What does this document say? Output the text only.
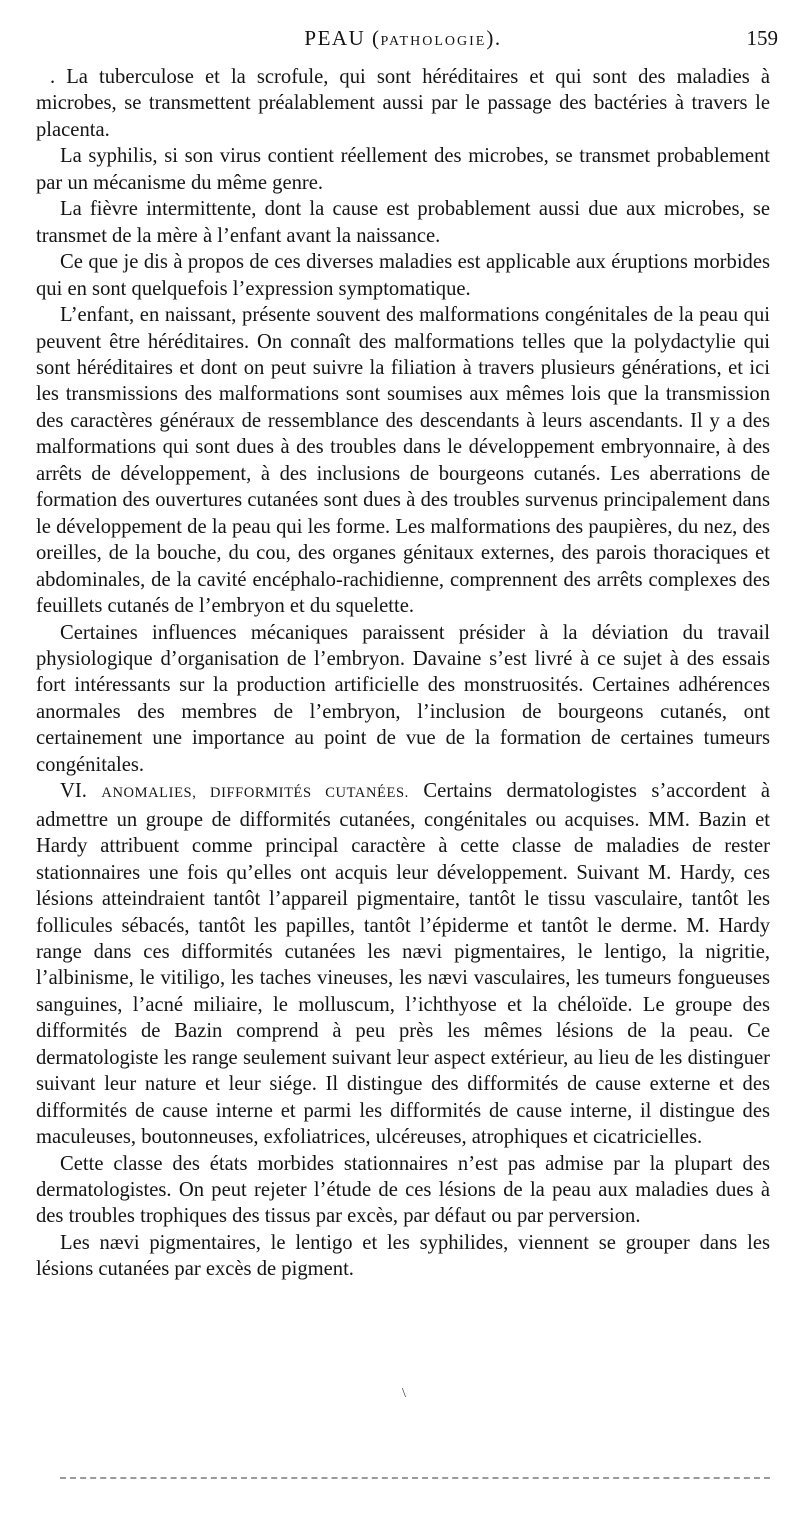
PEAU (PATHOLOGIE).	159

. La tuberculose et la scrofule, qui sont héréditaires et qui sont des maladies à microbes, se transmettent préalablement aussi par le passage des bactéries à travers le placenta.

La syphilis, si son virus contient réellement des microbes, se transmet probablement par un mécanisme du même genre.

La fièvre intermittente, dont la cause est probablement aussi due aux microbes, se transmet de la mère à l’enfant avant la naissance.

Ce que je dis à propos de ces diverses maladies est applicable aux éruptions morbides qui en sont quelquefois l’expression symptomatique.

L’enfant, en naissant, présente souvent des malformations congénitales de la peau qui peuvent être héréditaires. On connaît des malformations telles que la polydactylie qui sont héréditaires et dont on peut suivre la filiation à travers plusieurs générations, et ici les transmissions des malformations sont soumises aux mêmes lois que la transmission des caractères généraux de ressemblance des descendants à leurs ascendants. Il y a des malformations qui sont dues à des troubles dans le développement embryonnaire, à des arrêts de développement, à des inclusions de bourgeons cutanés. Les aberrations de formation des ouvertures cutanées sont dues à des troubles survenus principalement dans le développement de la peau qui les forme. Les malformations des paupières, du nez, des oreilles, de la bouche, du cou, des organes génitaux externes, des parois thoraciques et abdominales, de la cavité encéphalo-rachidienne, comprennent des arrêts complexes des feuillets cutanés de l’embryon et du squelette.

Certaines influences mécaniques paraissent présider à la déviation du travail physiologique d’organisation de l’embryon. Davaine s’est livré à ce sujet à des essais fort intéressants sur la production artificielle des monstruosités. Certaines adhérences anormales des membres de l’embryon, l’inclusion de bourgeons cutanés, ont certainement une importance au point de vue de la formation de certaines tumeurs congénitales.

VI. ANOMALIES, DIFFORMITÉS CUTANÉES. Certains dermatologistes s’accordent à admettre un groupe de difformités cutanées, congénitales ou acquises. MM. Bazin et Hardy attribuent comme principal caractère à cette classe de maladies de rester stationnaires une fois qu’elles ont acquis leur développement. Suivant M. Hardy, ces lésions atteindraient tantôt l’appareil pigmentaire, tantôt le tissu vasculaire, tantôt les follicules sébacés, tantôt les papilles, tantôt l’épiderme et tantôt le derme. M. Hardy range dans ces difformités cutanées les nævi pigmentaires, le lentigo, la nigritie, l’albinisme, le vitiligo, les taches vineuses, les nævi vasculaires, les tumeurs fongueuses sanguines, l’acné miliaire, le molluscum, l’ichthyose et la chéloïde. Le groupe des difformités de Bazin comprend à peu près les mêmes lésions de la peau. Ce dermatologiste les range seulement suivant leur aspect extérieur, au lieu de les distinguer suivant leur nature et leur siége. Il distingue des difformités de cause externe et des difformités de cause interne et parmi les difformités de cause interne, il distingue des maculeuses, boutonneuses, exfoliatrices, ulcéreuses, atrophiques et cicatricielles.

Cette classe des états morbides stationnaires n’est pas admise par la plupart des dermatologistes. On peut rejeter l’étude de ces lésions de la peau aux maladies dues à des troubles trophiques des tissus par excès, par défaut ou par perversion.

Les nævi pigmentaires, le lentigo et les syphilides, viennent se grouper dans les lésions cutanées par excès de pigment.

\
